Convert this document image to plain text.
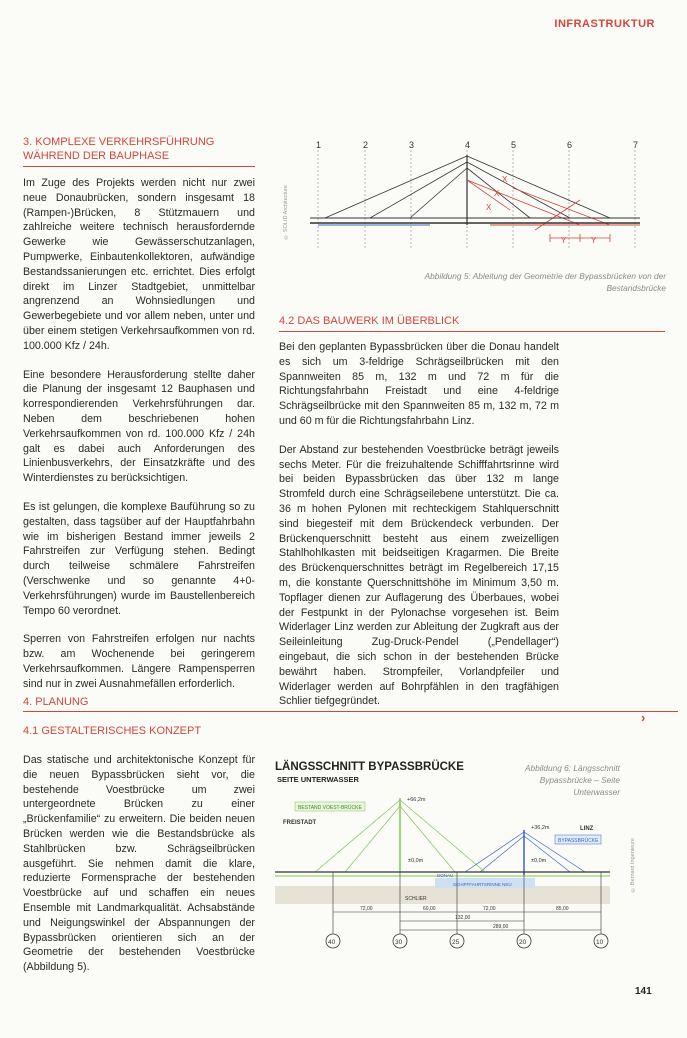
INFRASTRUKTUR
3. KOMPLEXE VERKEHRSFÜHRUNG
WÄHREND DER BAUPHASE

Im Zuge des Projekts werden nicht nur zwei neue Donaubrücken, sondern insgesamt 18 (Rampen-)Brücken, 8 Stützmauern und zahlreiche weitere technisch herausfordernde Gewerke wie Gewässerschutzanlagen, Pumpwerke, Einbautenkollektoren, aufwändige Bestandssanierungen etc. errichtet. Dies erfolgt direkt im Linzer Stadtgebiet, unmittelbar angrenzend an Wohnsiedlungen und Gewerbegebiete und vor allem neben, unter und über einem stetigen Verkehrsaufkommen von rd. 100.000 Kfz / 24h.

Eine besondere Herausforderung stellte daher die Planung der insgesamt 12 Bauphasen und korrespondierenden Verkehrsführungen dar. Neben dem beschriebenen hohen Verkehrsaufkommen von rd. 100.000 Kfz / 24h galt es dabei auch Anforderungen des Linienbusverkehrs, der Einsatzkräfte und des Winterdienstes zu berücksichtigen.

Es ist gelungen, die komplexe Bauführung so zu gestalten, dass tagsüber auf der Hauptfahrbahn wie im bisherigen Bestand immer jeweils 2 Fahrstreifen zur Verfügung stehen. Bedingt durch teilweise schmälere Fahrstreifen (Verschwenke und so genannte 4+0-Verkehrsführungen) wurde im Baustellenbereich Tempo 60 verordnet.

Sperren von Fahrstreifen erfolgen nur nachts bzw. am Wochenende bei geringerem Verkehrsaufkommen. Längere Rampensperren sind nur in zwei Ausnahmefällen erforderlich.

4. PLANUNG
4.1 GESTALTERISCHES KONZEPT

Das statische und architektonische Konzept für die neuen Bypassbrücken sieht vor, die bestehende Voestbrücke um zwei untergeordnete Brücken zu einer „Brückenfamilie“ zu erweitern. Die beiden neuen Brücken werden wie die Bestandsbrücke als Stahlbrücken bzw. Schrägseilbrücken ausgeführt. Sie nehmen damit die klare, reduzierte Formensprache der bestehenden Voestbrücke auf und schaffen ein neues Ensemble mit Landmarkqualität. Achsabstände und Neigungswinkel der Abspannungen der Bypassbrücken orientieren sich an der Geometrie der bestehenden Voestbrücke (Abbildung 5).

1	2	3	4	5	6	7
X
X
X
Y	Y
© SOLID Architecture
Abbildung 5: Ableitung der Geometrie der Bypassbrücken von der Bestandsbrücke
4.2 DAS BAUWERK IM ÜBERBLICK

Bei den geplanten Bypassbrücken über die Donau handelt es sich um 3-feldrige Schrägseilbrücken mit den Spannweiten 85 m, 132 m und 72 m für die Richtungsfahrbahn Freistadt und eine 4-feldrige Schrägseilbrücke mit den Spannweiten 85 m, 132 m, 72 m und 60 m für die Richtungsfahrbahn Linz.

Der Abstand zur bestehenden Voestbrücke beträgt jeweils sechs Meter. Für die freizuhaltende Schifffahrtsrinne wird bei beiden Bypassbrücken das über 132 m lange Stromfeld durch eine Schrägseilebene unterstützt. Die ca. 36 m hohen Pylonen mit rechteckigem Stahlquerschnitt sind biegesteif mit dem Brückendeck verbunden. Der Brückenquerschnitt besteht aus einem zweizelligen Stahlhohlkasten mit beidseitigen Kragarmen. Die Breite des Brückenquerschnittes beträgt im Regelbereich 17,15 m, die konstante Querschnittshöhe im Minimum 3,50 m. Topflager dienen zur Auflagerung des Überbaues, wobei der Festpunkt in der Pylonachse vorgesehen ist. Beim Widerlager Linz werden zur Ableitung der Zugkraft aus der Seileinleitung Zug-Druck-Pendel („Pendellager“) eingebaut, die sich schon in der bestehenden Brücke bewährt haben. Strompfeiler, Vorlandpfeiler und Widerlager werden auf Bohrpfählen in den tragfähigen Schlier tiefgegründet.

›
LÄNGSSCHNITT BYPASSBRÜCKE
SEITE UNTERWASSER
Abbildung 6: Längsschnitt Bypassbrücke – Seite Unterwasser
© Bernard Ingenieure
BESTAND VOEST-BRÜCKE
+66,2m
BYPASSBRÜCKE
+36,2m
FREISTADT
LINZ
±0,0m	±0,0m
SCHIFFFAHRTSRINNE NEU
DONAU
SCHLIER
72,00	60,00	72,00	85,00
132,00
289,00
40	30	25	20	10
141
